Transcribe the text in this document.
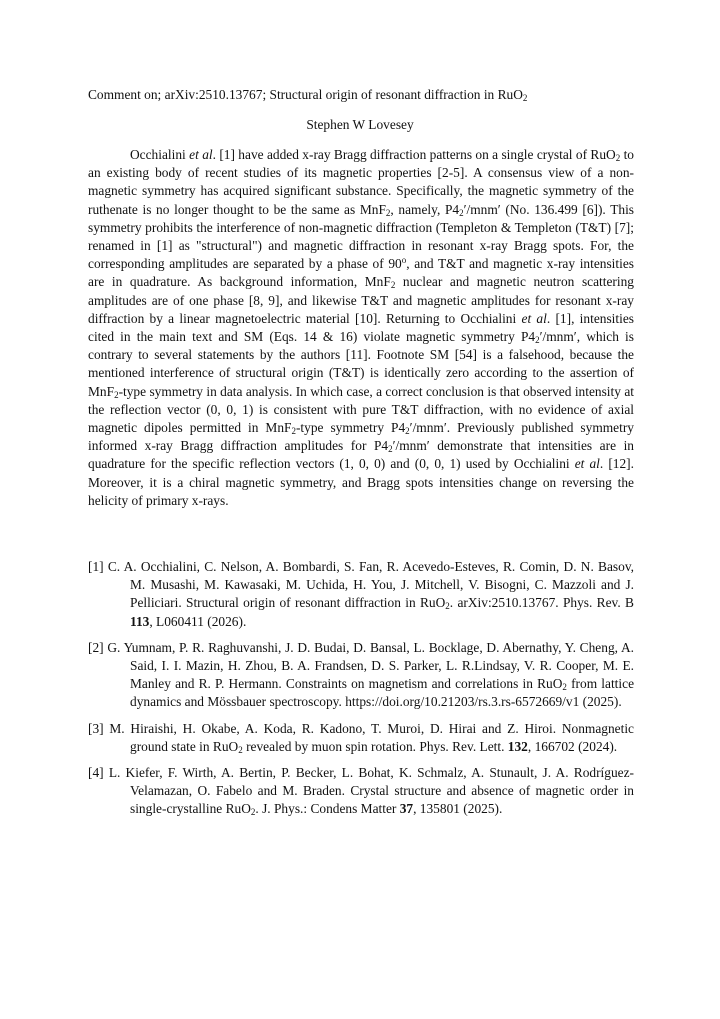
Comment on; arXiv:2510.13767; Structural origin of resonant diffraction in RuO$_2$
Stephen W Lovesey
Occhialini et al. [1] have added x-ray Bragg diffraction patterns on a single crystal of RuO$_2$ to an existing body of recent studies of its magnetic properties [2-5]. A consensus view of a non-magnetic symmetry has acquired significant substance. Specifically, the magnetic symmetry of the ruthenate is no longer thought to be the same as MnF$_2$, namely, $P4_2'/mnm'$ (No. 136.499 [6]). This symmetry prohibits the interference of non-magnetic diffraction (Templeton & Templeton (T&T) [7]; renamed in [1] as "structural") and magnetic diffraction in resonant x-ray Bragg spots. For, the corresponding amplitudes are separated by a phase of 90$^o$, and T&T and magnetic x-ray intensities are in quadrature. As background information, MnF$_2$ nuclear and magnetic neutron scattering amplitudes are of one phase [8, 9], and likewise T&T and magnetic amplitudes for resonant x-ray diffraction by a linear magnetoelectric material [10]. Returning to Occhialini et al. [1], intensities cited in the main text and SM (Eqs. 14 & 16) violate magnetic symmetry $P4_2'/mnm'$, which is contrary to several statements by the authors [11]. Footnote SM [54] is a falsehood, because the mentioned interference of structural origin (T&T) is identically zero according to the assertion of MnF$_2$-type symmetry in data analysis. In which case, a correct conclusion is that observed intensity at the reflection vector (0, 0, 1) is consistent with pure T&T diffraction, with no evidence of axial magnetic dipoles permitted in MnF$_2$-type symmetry $P4_2'/mnm'$. Previously published symmetry informed x-ray Bragg diffraction amplitudes for $P4_2'/mnm'$ demonstrate that intensities are in quadrature for the specific reflection vectors (1, 0, 0) and (0, 0, 1) used by Occhialini et al. [12]. Moreover, it is a chiral magnetic symmetry, and Bragg spots intensities change on reversing the helicity of primary x-rays.

[1] C. A. Occhialini, C. Nelson, A. Bombardi, S. Fan, R. Acevedo-Esteves, R. Comin, D. N. Basov, M. Musashi, M. Kawasaki, M. Uchida, H. You, J. Mitchell, V. Bisogni, C. Mazzoli and J. Pelliciari. Structural origin of resonant diffraction in RuO$_2$. arXiv:2510.13767. Phys. Rev. B 113, L060411 (2026).

[2] G. Yumnam, P. R. Raghuvanshi, J. D. Budai, D. Bansal, L. Bocklage, D. Abernathy, Y. Cheng, A. Said, I. I. Mazin, H. Zhou, B. A. Frandsen, D. S. Parker, L. R.Lindsay, V. R. Cooper, M. E. Manley and R. P. Hermann. Constraints on magnetism and correlations in RuO$_2$ from lattice dynamics and Mössbauer spectroscopy. https://doi.org/10.21203/rs.3.rs-6572669/v1 (2025).

[3] M. Hiraishi, H. Okabe, A. Koda, R. Kadono, T. Muroi, D. Hirai and Z. Hiroi. Nonmagnetic ground state in RuO$_2$ revealed by muon spin rotation. Phys. Rev. Lett. 132, 166702 (2024).

[4] L. Kiefer, F. Wirth, A. Bertin, P. Becker, L. Bohat, K. Schmalz, A. Stunault, J. A. Rodríguez-Velamazan, O. Fabelo and M. Braden. Crystal structure and absence of magnetic order in single-crystalline RuO$_2$. J. Phys.: Condens Matter 37, 135801 (2025).
